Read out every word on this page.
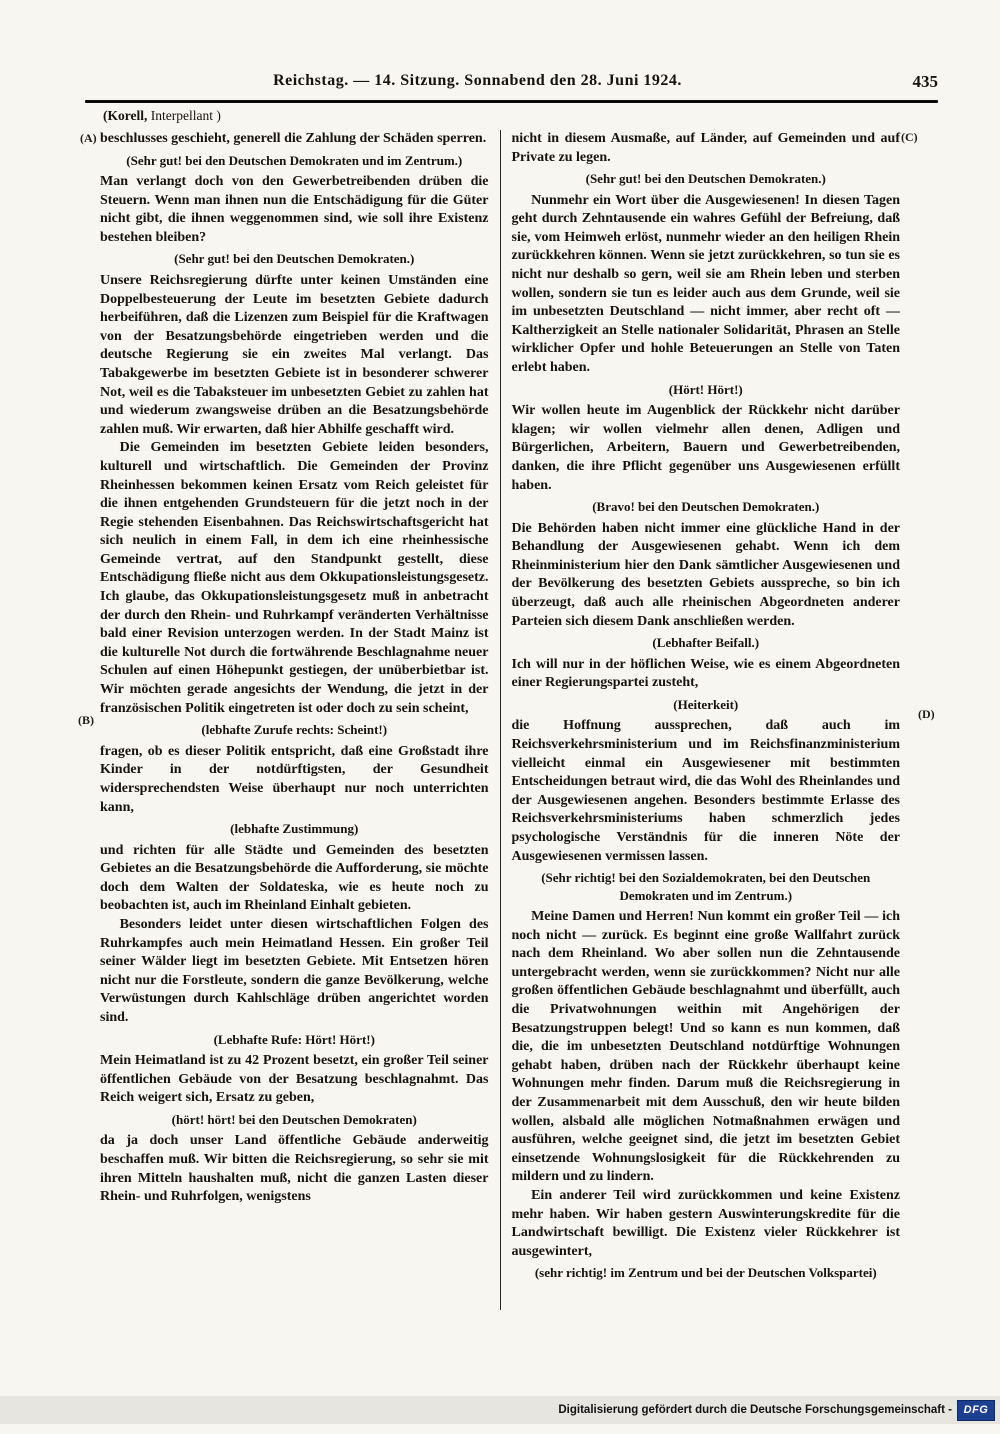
Reichstag. — 14. Sitzung. Sonnabend den 28. Juni 1924.	435
(Korell, Interpellant )
(A)
(B)
(C)
(D)

beschlusses geschieht, generell die Zahlung der Schäden sperren.

(Sehr gut! bei den Deutschen Demokraten und im Zentrum.)

Man verlangt doch von den Gewerbetreibenden drüben die Steuern. Wenn man ihnen nun die Entschädigung für die Güter nicht gibt, die ihnen weggenommen sind, wie soll ihre Existenz bestehen bleiben?

(Sehr gut! bei den Deutschen Demokraten.)

Unsere Reichsregierung dürfte unter keinen Umständen eine Doppelbesteuerung der Leute im besetzten Gebiete dadurch herbeiführen, daß die Lizenzen zum Beispiel für die Kraftwagen von der Besatzungsbehörde eingetrieben werden und die deutsche Regierung sie ein zweites Mal verlangt. Das Tabakgewerbe im besetzten Gebiete ist in besonderer schwerer Not, weil es die Tabaksteuer im unbesetzten Gebiet zu zahlen hat und wiederum zwangsweise drüben an die Besatzungsbehörde zahlen muß. Wir erwarten, daß hier Abhilfe geschafft wird.

Die Gemeinden im besetzten Gebiete leiden besonders, kulturell und wirtschaftlich. Die Gemeinden der Provinz Rheinhessen bekommen keinen Ersatz vom Reich geleistet für die ihnen entgehenden Grundsteuern für die jetzt noch in der Regie stehenden Eisenbahnen. Das Reichswirtschaftsgericht hat sich neulich in einem Fall, in dem ich eine rheinhessische Gemeinde vertrat, auf den Standpunkt gestellt, diese Entschädigung fließe nicht aus dem Okkupationsleistungsgesetz. Ich glaube, das Okkupationsleistungsgesetz muß in anbetracht der durch den Rhein- und Ruhrkampf veränderten Verhältnisse bald einer Revision unterzogen werden. In der Stadt Mainz ist die kulturelle Not durch die fortwährende Beschlagnahme neuer Schulen auf einen Höhepunkt gestiegen, der unüberbietbar ist. Wir möchten gerade angesichts der Wendung, die jetzt in der französischen Politik eingetreten ist oder doch zu sein scheint,

(lebhafte Zurufe rechts: Scheint!)

fragen, ob es dieser Politik entspricht, daß eine Großstadt ihre Kinder in der notdürftigsten, der Gesundheit widersprechendsten Weise überhaupt nur noch unterrichten kann,

(lebhafte Zustimmung)

und richten für alle Städte und Gemeinden des besetzten Gebietes an die Besatzungsbehörde die Aufforderung, sie möchte doch dem Walten der Soldateska, wie es heute noch zu beobachten ist, auch im Rheinland Einhalt gebieten.

Besonders leidet unter diesen wirtschaftlichen Folgen des Ruhrkampfes auch mein Heimatland Hessen. Ein großer Teil seiner Wälder liegt im besetzten Gebiete. Mit Entsetzen hören nicht nur die Forstleute, sondern die ganze Bevölkerung, welche Verwüstungen durch Kahlschläge drüben angerichtet worden sind.

(Lebhafte Rufe: Hört! Hört!)

Mein Heimatland ist zu 42 Prozent besetzt, ein großer Teil seiner öffentlichen Gebäude von der Besatzung beschlagnahmt. Das Reich weigert sich, Ersatz zu geben,

(hört! hört! bei den Deutschen Demokraten)

da ja doch unser Land öffentliche Gebäude anderweitig beschaffen muß. Wir bitten die Reichsregierung, so sehr sie mit ihren Mitteln haushalten muß, nicht die ganzen Lasten dieser Rhein- und Ruhrfolgen, wenigstens

nicht in diesem Ausmaße, auf Länder, auf Gemeinden und auf Private zu legen.

(Sehr gut! bei den Deutschen Demokraten.)

Nunmehr ein Wort über die Ausgewiesenen! In diesen Tagen geht durch Zehntausende ein wahres Gefühl der Befreiung, daß sie, vom Heimweh erlöst, nunmehr wieder an den heiligen Rhein zurückkehren können. Wenn sie jetzt zurückkehren, so tun sie es nicht nur deshalb so gern, weil sie am Rhein leben und sterben wollen, sondern sie tun es leider auch aus dem Grunde, weil sie im unbesetzten Deutschland — nicht immer, aber recht oft — Kaltherzigkeit an Stelle nationaler Solidarität, Phrasen an Stelle wirklicher Opfer und hohle Beteuerungen an Stelle von Taten erlebt haben.

(Hört! Hört!)

Wir wollen heute im Augenblick der Rückkehr nicht darüber klagen; wir wollen vielmehr allen denen, Adligen und Bürgerlichen, Arbeitern, Bauern und Gewerbetreibenden, danken, die ihre Pflicht gegenüber uns Ausgewiesenen erfüllt haben.

(Bravo! bei den Deutschen Demokraten.)

Die Behörden haben nicht immer eine glückliche Hand in der Behandlung der Ausgewiesenen gehabt. Wenn ich dem Rheinministerium hier den Dank sämtlicher Ausgewiesenen und der Bevölkerung des besetzten Gebiets ausspreche, so bin ich überzeugt, daß auch alle rheinischen Abgeordneten anderer Parteien sich diesem Dank anschließen werden.

(Lebhafter Beifall.)

Ich will nur in der höflichen Weise, wie es einem Abgeordneten einer Regierungspartei zusteht,

(Heiterkeit)

die Hoffnung aussprechen, daß auch im Reichsverkehrsministerium und im Reichsfinanzministerium vielleicht einmal ein Ausgewiesener mit bestimmten Entscheidungen betraut wird, die das Wohl des Rheinlandes und der Ausgewiesenen angehen. Besonders bestimmte Erlasse des Reichsverkehrsministeriums haben schmerzlich jedes psychologische Verständnis für die inneren Nöte der Ausgewiesenen vermissen lassen.

(Sehr richtig! bei den Sozialdemokraten, bei den Deutschen Demokraten und im Zentrum.)

Meine Damen und Herren! Nun kommt ein großer Teil — ich noch nicht — zurück. Es beginnt eine große Wallfahrt zurück nach dem Rheinland. Wo aber sollen nun die Zehntausende untergebracht werden, wenn sie zurückkommen? Nicht nur alle großen öffentlichen Gebäude beschlagnahmt und überfüllt, auch die Privatwohnungen weithin mit Angehörigen der Besatzungstruppen belegt! Und so kann es nun kommen, daß die, die im unbesetzten Deutschland notdürftige Wohnungen gehabt haben, drüben nach der Rückkehr überhaupt keine Wohnungen mehr finden. Darum muß die Reichsregierung in der Zusammenarbeit mit dem Ausschuß, den wir heute bilden wollen, alsbald alle möglichen Notmaßnahmen erwägen und ausführen, welche geeignet sind, die jetzt im besetzten Gebiet einsetzende Wohnungslosigkeit für die Rückkehrenden zu mildern und zu lindern.

Ein anderer Teil wird zurückkommen und keine Existenz mehr haben. Wir haben gestern Auswinterungskredite für die Landwirtschaft bewilligt. Die Existenz vieler Rückkehrer ist ausgewintert,

(sehr richtig! im Zentrum und bei der Deutschen Volkspartei)

Digitalisierung gefördert durch die Deutsche Forschungsgemeinschaft -	DFG
